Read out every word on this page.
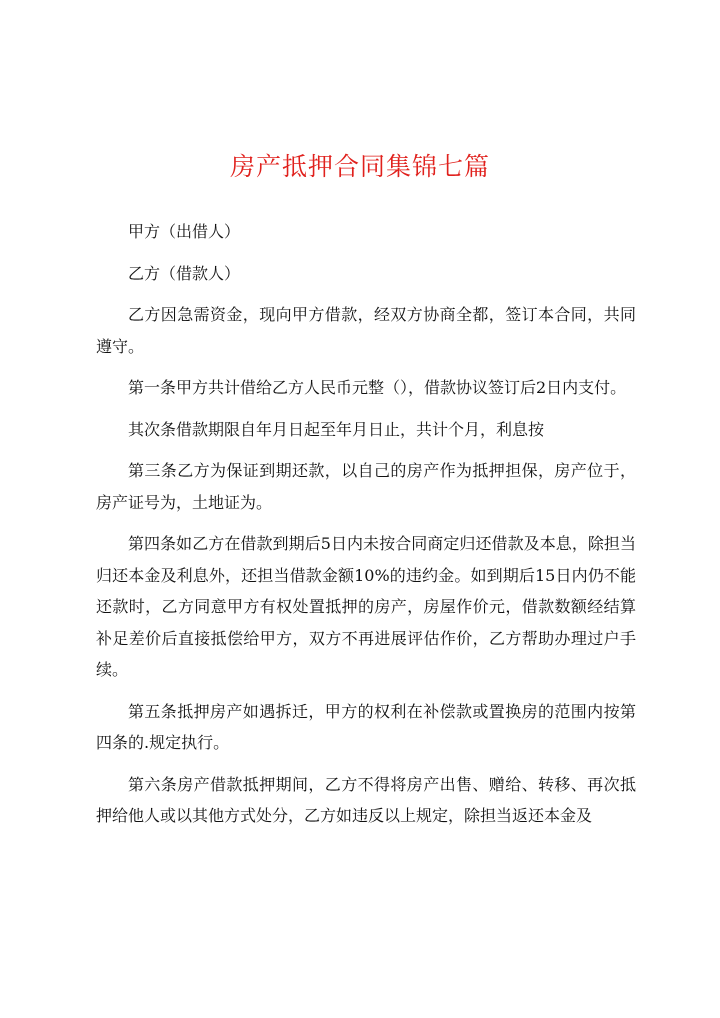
房产抵押合同集锦七篇

甲方（出借人）

乙方（借款人）

乙方因急需资金，现向甲方借款，经双方协商全都，签订本合同，共同遵守。

第一条甲方共计借给乙方人民币元整（），借款协议签订后2日内支付。

其次条借款期限自年月日起至年月日止，共计个月，利息按

第三条乙方为保证到期还款，以自己的房产作为抵押担保，房产位于，房产证号为，土地证为。

第四条如乙方在借款到期后5日内未按合同商定归还借款及本息，除担当归还本金及利息外，还担当借款金额10%的违约金。如到期后15日内仍不能还款时，乙方同意甲方有权处置抵押的房产，房屋作价元，借款数额经结算补足差价后直接抵偿给甲方，双方不再进展评估作价，乙方帮助办理过户手续。

第五条抵押房产如遇拆迁，甲方的权利在补偿款或置换房的范围内按第四条的.规定执行。

第六条房产借款抵押期间，乙方不得将房产出售、赠给、转移、再次抵押给他人或以其他方式处分，乙方如违反以上规定，除担当返还本金及
